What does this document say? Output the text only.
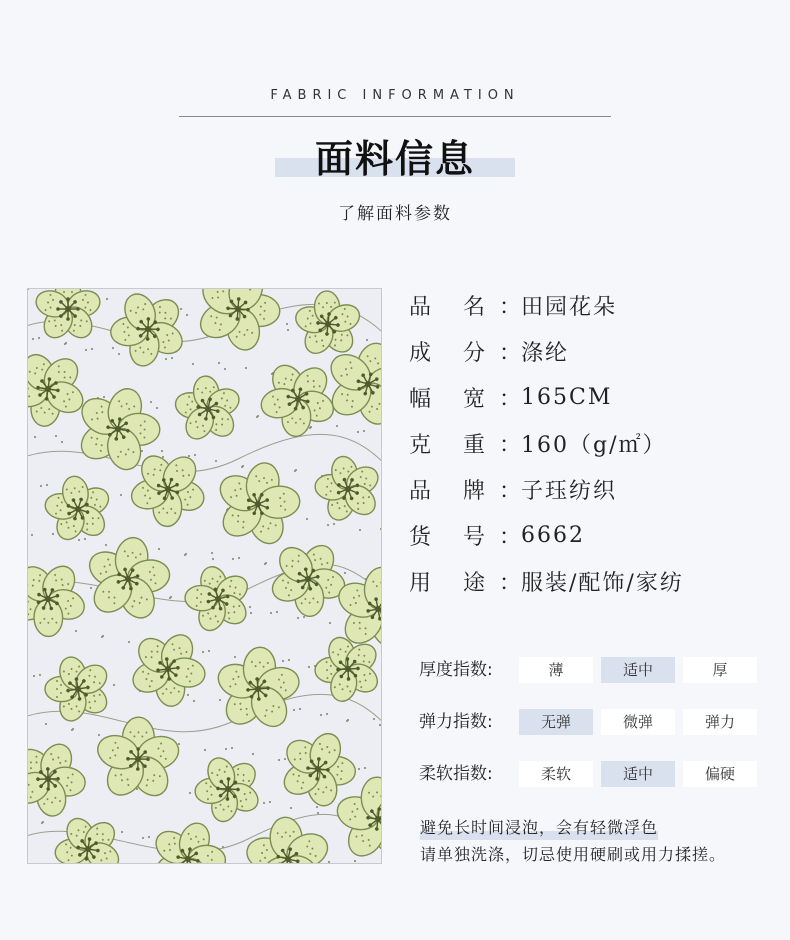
FABRIC INFORMATION
面料信息
了解面料参数
品 名 ： 田园花朵
成 分 ： 涤纶
幅 宽 ： 165CM
克 重 ： 160（g/㎡）
品 牌 ： 子珏纺织
货 号 ： 6662
用 途 ： 服装/配饰/家纺
厚度指数:	薄	适中	厚
弹力指数:	无弹	微弹	弹力
柔软指数:	柔软	适中	偏硬
避免长时间浸泡，会有轻微浮色
请单独洗涤，切忌使用硬刷或用力揉搓。
